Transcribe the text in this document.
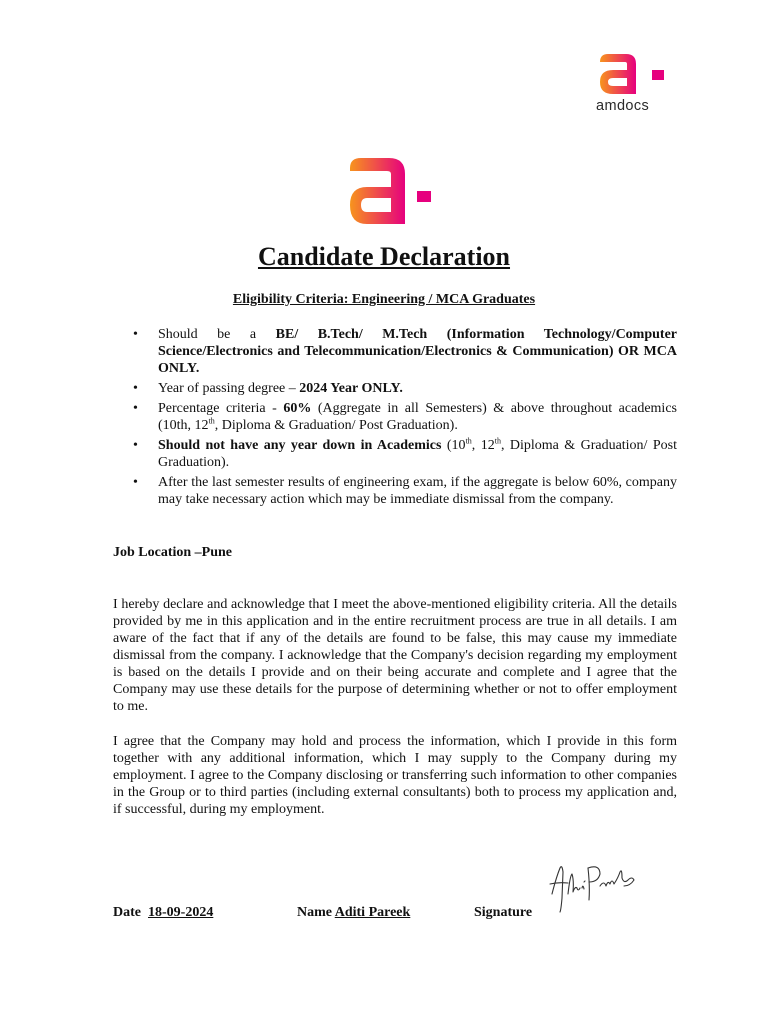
amdocs
Candidate Declaration
Eligibility Criteria: Engineering / MCA Graduates
• Should be a BE/ B.Tech/ M.Tech (Information Technology/Computer Science/Electronics and Telecommunication/Electronics & Communication) OR MCA ONLY.
• Year of passing degree – 2024 Year ONLY.
• Percentage criteria - 60% (Aggregate in all Semesters) & above throughout academics (10th, 12th, Diploma & Graduation/ Post Graduation).
• Should not have any year down in Academics (10th, 12th, Diploma & Graduation/ Post Graduation).
• After the last semester results of engineering exam, if the aggregate is below 60%, company may take necessary action which may be immediate dismissal from the company.
Job Location –Pune
I hereby declare and acknowledge that I meet the above-mentioned eligibility criteria. All the details provided by me in this application and in the entire recruitment process are true in all details. I am aware of the fact that if any of the details are found to be false, this may cause my immediate dismissal from the company. I acknowledge that the Company's decision regarding my employment is based on the details I provide and on their being accurate and complete and I agree that the Company may use these details for the purpose of determining whether or not to offer employment to me.
I agree that the Company may hold and process the information, which I provide in this form together with any additional information, which I may supply to the Company during my employment. I agree to the Company disclosing or transferring such information to other companies in the Group or to third parties (including external consultants) both to process my application and, if successful, during my employment.
Date 18-09-2024	Name Aditi Pareek	Signature
